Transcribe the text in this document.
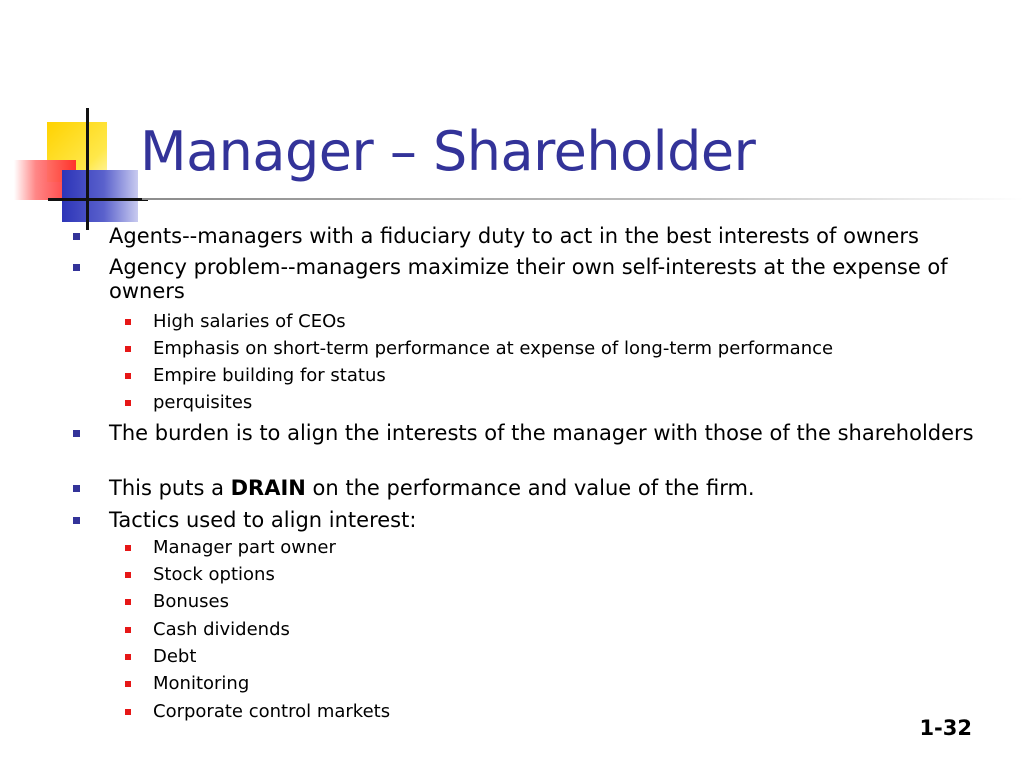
Manager – Shareholder
Agents--managers with a fiduciary duty to act in the best interests of owners
Agency problem--managers maximize their own self-interests at the expense of owners
High salaries of CEOs
Emphasis on short-term performance at expense of long-term performance
Empire building for status
perquisites
The burden is to align the interests of the manager with those of the shareholders
This puts a DRAIN on the performance and value of the firm.
Tactics used to align interest:
Manager part owner
Stock options
Bonuses
Cash dividends
Debt
Monitoring
Corporate control markets
1-32
